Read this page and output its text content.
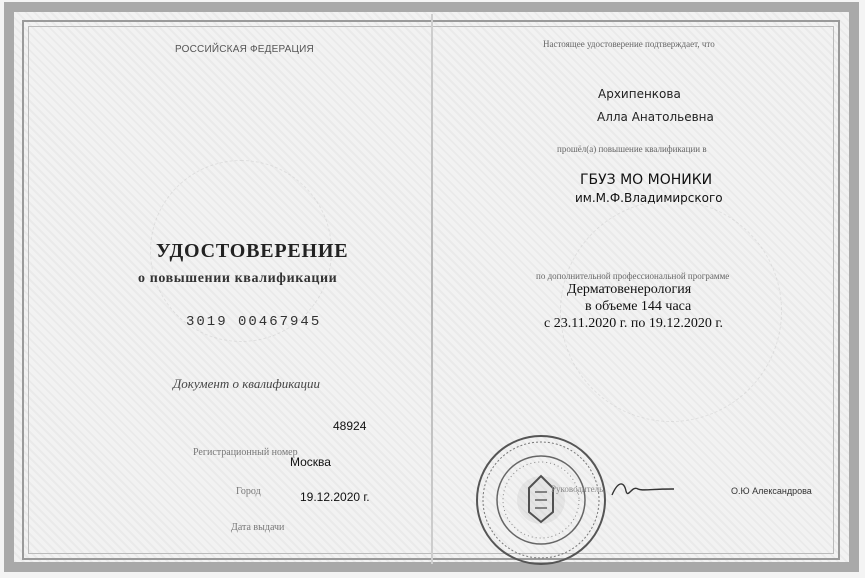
РОССИЙСКАЯ ФЕДЕРАЦИЯ
УДОСТОВЕРЕНИЕ
о повышении квалификации
3019 00467945
Документ о квалификации
48924
Регистрационный номер
Москва
Город	19.12.2020 г.
Дата выдачи
Настоящее удостоверение подтверждает, что
Архипенкова
Алла Анатольевна
прошёл(а) повышение квалификации в
ГБУЗ МО МОНИКИ
им.М.Ф.Владимирского
по дополнительной профессиональной программе
Дерматовенерология
в объеме 144 часа
с 23.11.2020 г. по 19.12.2020 г.
Руководитель	О.Ю Александрова
